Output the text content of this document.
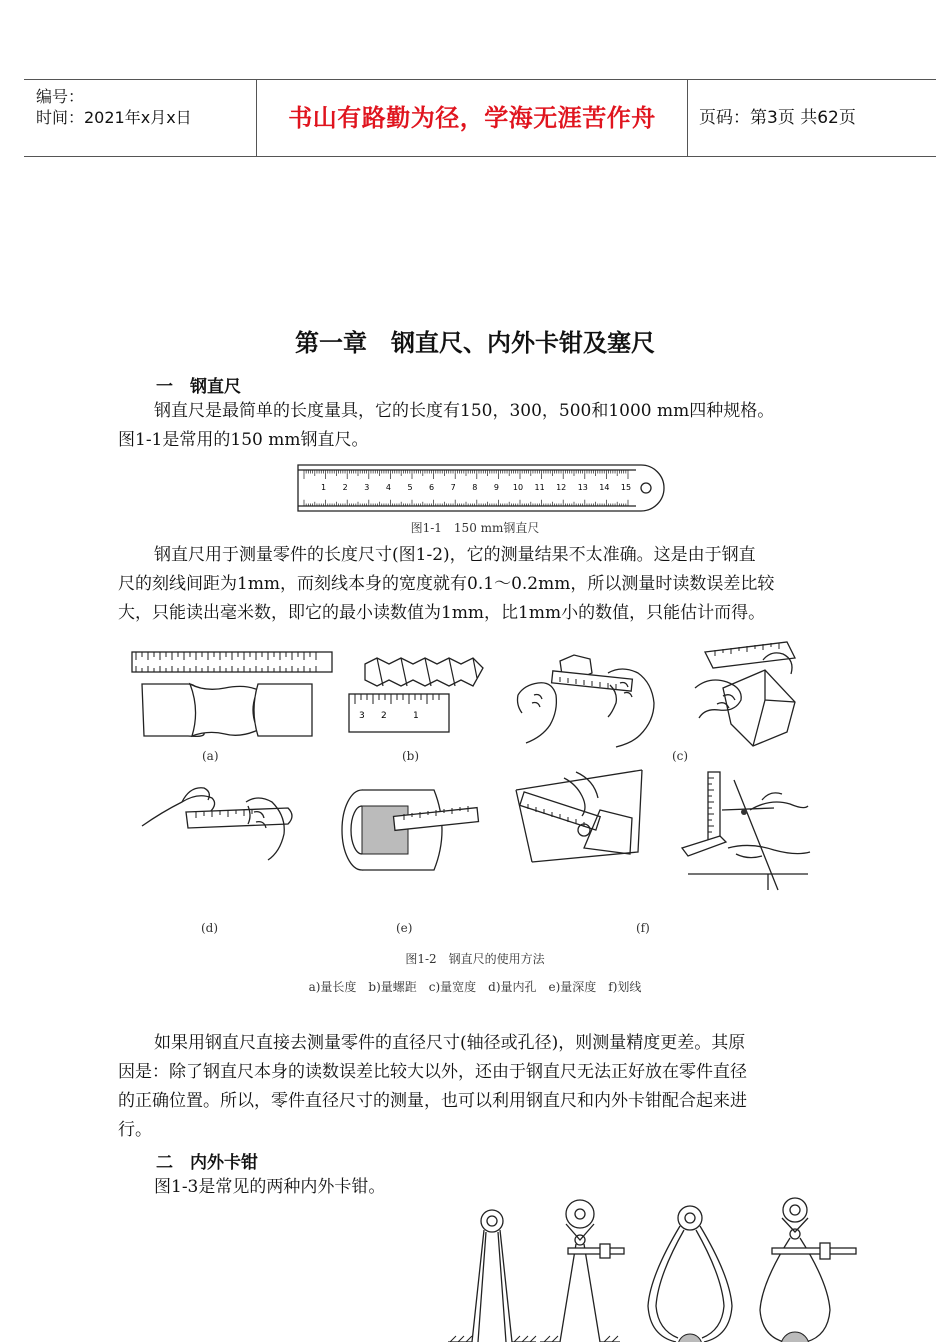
编号：
时间：2021年x月x日	书山有路勤为径，学海无涯苦作舟	页码：第3页 共62页
第一章　钢直尺、内外卡钳及塞尺
一　钢直尺
钢直尺是最简单的长度量具，它的长度有150，300，500和1000 mm四种规格。
图1-1是常用的150 mm钢直尺。
1 2 3 4 5 6 7 8 9 10 11 12 13 14 15
图1-1　150 mm钢直尺
钢直尺用于测量零件的长度尺寸(图1-2)，它的测量结果不太准确。这是由于钢直
尺的刻线间距为1mm，而刻线本身的宽度就有0.1～0.2mm，所以测量时读数误差比较
大，只能读出毫米数，即它的最小读数值为1mm，比1mm小的数值，只能估计而得。
3 2	1
(a)	(b)	(c)
(d)	(e)	(f)
图1-2　钢直尺的使用方法
a)量长度　b)量螺距　c)量宽度　d)量内孔　e)量深度　f)划线
如果用钢直尺直接去测量零件的直径尺寸(轴径或孔径)，则测量精度更差。其原
因是：除了钢直尺本身的读数误差比较大以外，还由于钢直尺无法正好放在零件直径
的正确位置。所以，零件直径尺寸的测量，也可以利用钢直尺和内外卡钳配合起来进
行。
二　内外卡钳
图1-3是常见的两种内外卡钳。
